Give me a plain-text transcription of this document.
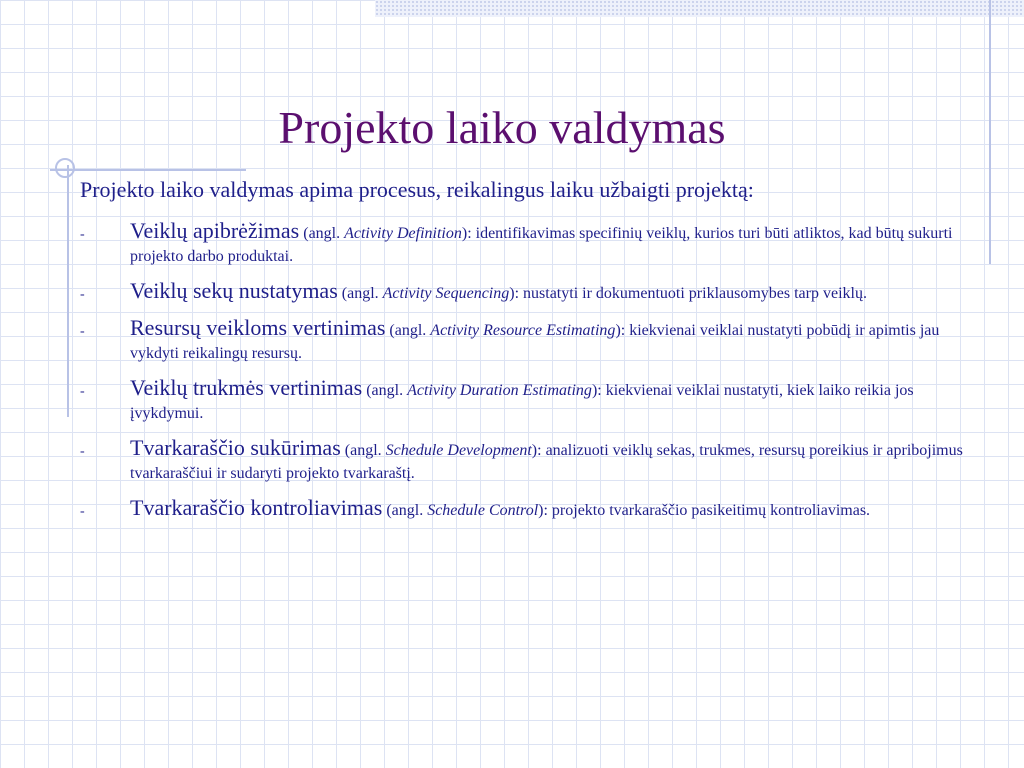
Projekto laiko valdymas

Projekto laiko valdymas apima procesus, reikalingus laiku užbaigti projektą:

- Veiklų apibrėžimas (angl. Activity Definition): identifikavimas specifinių veiklų, kurios turi būti atliktos, kad būtų sukurti projekto darbo produktai.
- Veiklų sekų nustatymas (angl. Activity Sequencing): nustatyti ir dokumentuoti priklausomybes tarp veiklų.
- Resursų veikloms vertinimas (angl. Activity Resource Estimating): kiekvienai veiklai nustatyti pobūdį ir apimtis jau vykdyti reikalingų resursų.
- Veiklų trukmės vertinimas (angl. Activity Duration Estimating): kiekvienai veiklai nustatyti, kiek laiko reikia jos įvykdymui.
- Tvarkaraščio sukūrimas (angl. Schedule Development): analizuoti veiklų sekas, trukmes, resursų poreikius ir apribojimus tvarkaraščiui ir sudaryti projekto tvarkaraštį.
- Tvarkaraščio kontroliavimas (angl. Schedule Control): projekto tvarkaraščio pasikeitimų kontroliavimas.
